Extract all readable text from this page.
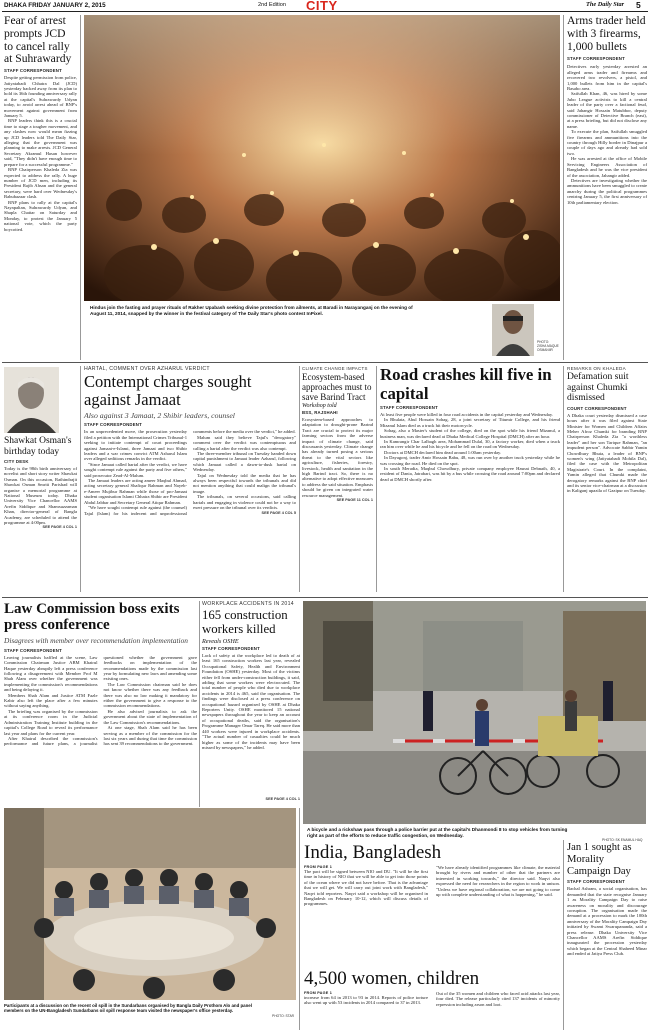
DHAKA FRIDAY JANUARY 2, 2015	2nd Edition CITY	The Daily Star 5
Fear of arrest prompts JCD to cancel rally at Suhrawardy
STAFF CORRESPONDENT
Despite getting permission from police, Jatiyatabadi Chhatra Dal (JCD) yesterday backed away from its plan to hold its 36th founding anniversary rally at the capital's Suhrawardy Udyan today, to avoid arrest ahead of BNP's movement against government from January 5.
BNP leaders think this is a crucial time to stage a tougher movement, and any clashes now would mean fizzing up JCD leaders told The Daily Star, alleging that the government was planning to make arrests. JCD General Secretary Akramul Hasan however said, "They didn't have enough time to prepare for a successful programme."
BNP Chairperson Khaleda Zia was expected to address the rally. A huge number of JCD men, including its President Rajib Ahsan and the general secretary, were hard over Wednesday's Babubazaar clash.
BNP plans to rally at the capital's Nayapaltan, Suhrawardy Udyan, and Shapla Chattar on Saturday and Monday, to protest the January 5 national vote, which the party boycotted.
Hindus join the fasting and prayer rituals of Rakher Upabash seeking divine protection from ailments, at Baradi in Narayanganj on the evening of August 11, 2014, snapped by the winner in the festival category of The Daily Star's photo contest InPixel.
PHOTO: ZISHA MAQUE OSMANIIR
Arms trader held with 3 firearms, 1,000 bullets
STAFF CORRESPONDENT
Detectives early yesterday arrested an alleged arms trader and firearms and recovered two revolvers, a pistol, and 1,000 bullets from him in the capital's Basabo area.
Saifullah Khan, 46, was hired by some Jubo League activists to kill a central leader of the party over a factional feud, said Jahangir Hossain Matubbor, deputy commissioner of Detective Branch (east), at a press briefing, but did not disclose any name.
To execute the plan, Saifullah smuggled five firearms and ammunitions into the country through Hilly border in Dinajpur a couple of days ago and already had sold two.
He was arrested at the office of Mobile Servicing Engineers Association of Bangladesh and he was the vice president of the association, Jahangir added.
Detectives are investigating whether the ammunitions have been smuggled to create anarchy during the political programmes centring January 5, the first anniversary of 10th parliamentary election.
Shawkat Osman's birthday today
CITY DESK
Today is the 98th birth anniversary of novelist and short story writer Shawkat Osman. On this occasion, Rathindrajit Shawkat Osman Smriti Parishad will organise a memorial programme at National Museum today. Dhaka University Vice Chancellor AAMS Arefin Siddique and Shamsuzzaman Khan, director-general of Bangla Academy, are scheduled to attend the programme at 4:00pm.
SEE PAGE 4 COL 1
HARTAL, COMMENT OVER AZHARUL VERDICT
Contempt charges sought against Jamaat
Also against 3 Jamaat, 2 Shibir leaders, counsel
STAFF CORRESPONDENT
In an unprecedented move, the prosecution yesterday filed a petition with the International Crimes Tribunal-1 seeking to initiate contempt of court proceedings against Jamaat-e-Islami, three Jamaat and two Shibir leaders and a war crimes convict ATM Azharul Islam over alleged seditious remarks in the verdict.
"Since Jamaat called hartal after the verdict, we have sought contempt rule against the party and five others," said prosecutor Zead-Al-Malum.
The Jamaat leaders are acting ameer Maqbul Ahmad, acting secretary general Shafiqur Rahman and Nayeb-e-Ameer Mujibur Rahman while those of pro-Jamaat student organisation Islami Chhatra Shibir are President Abdul Jabbar and Secretary General Atiqur Rahman.
"We have sought contempt rule against (the counsel) Tajul (Islam) for his indecent and unprofessional comments before the media over the verdict," he added.
Malum said they believe Tajul's "derogatory" comment over the verdict was contemptuous and calling a hartal after the verdict was also contempt.
The three-member tribunal on Tuesday handed down capital punishment to Jamaat leader Azharul, following which Jamaat called a dawn-to-dusk hartal on Wednesday.
Tajul on Wednesday told the media that he has always been respectful towards the tribunals and did not mention anything that could malign the tribunal's image.
The tribunals, on several occasions, said calling hartals and engaging in violence could not be a way to exert pressure on the tribunal over its verdicts.
SEE PAGE 4 COL 5
CLIMATE CHANGE IMPACTS
Ecosystem-based approaches must to save Barind Tract
Workshop told
BSS, RAJSHAHI
Ecosystem-based approaches to adaptation to drought-prone Barind Tract are crucial to protect its major farming sectors from the adverse impact of climate change, said discussants yesterday. Climate change has already turned posing a serious threat to the vital sectors like agriculture, fisheries, forestry, livestock, health and sanitation in the high Barind tract. So, there is no alternative to adopt effective measures to address the said situation. Emphasis should be given on integrated water resource management.
SEE PAGE 11 COL 1
Road crashes kill five in capital
STAFF CORRESPONDENT
At least five people were killed in four road accidents in the capital yesterday and Wednesday.
In Bhulata, Abul Hossain Sohag, 28, a joint secretary of Titumir College, and his friend Mizanul Islam died as a truck hit their motorcycle.
Sohag, also a Master's student of the college, died on the spot while his friend Mizanul, a business man, was declared dead at Dhaka Medical College Hospital (DMCH) after an hour.
In Kamrangir Char Lalbagh area, Mohammad Dulal, 30, a factory worker, died when a truck ran him over while he and his bicycle and he fell on the road on Wednesday.
Doctors at DMCH declared him dead around 1:00am yesterday.
In Dayagonj, trader Amir Hossain Babu, 48, was run over by another truck yesterday while he was crossing the road. He died on the spot.
In south Meradia, Maqbul Chowdhury, private company employee Hasnat Debnath, 40, a resident of Dania, Jatrabari, was hit by a bus while crossing the road around 7:00pm and declared dead at DMCH shortly after.
REMARKS ON KHALEDA
Defamation suit against Chumki dismissed
COURT CORRESPONDENT
A Dhaka court yesterday dismissed a case hours after it was filed against State Minister for Women and Children Affairs Meher Afroz Chumki for branding BNP Chairperson Khaleda Zia "a worthless leader" and her son Tarique Rahman, "an impudent person". Advocate Sabbir Yamin Chowdhury Bhuia, a leader of BNP's women's wing (Jatiyatabadi Mohila Dal), filed the case with the Metropolitan Magistrate's Court. In the complaint, Yamin alleged that Chumki made the derogatory remarks against the BNP chief and its senior vice-chairman at a discussion in Kaliganj upazila of Gazipur on Tuesday.
Law Commission boss exits press conference
Disagrees with member over recommendation implementation
STAFF CORRESPONDENT
Leaving journalists baffled at the scene, Law Commission Chairman Justice ABM Khairul Haque yesterday abruptly left a press conference following a disagreement with Member Prof M Shah Alam over whether the government was implementing the commission's recommendations and being delaying it.
Members Shah Alam and Justice ATM Fazle Kabir also left the place after a few minutes without saying anything.
The briefing was organised by the commission at its conference room in the Judicial Administration Training Institute building in the capital's College Road to reveal its performance last year and plans for the current year.
After Khairul described the commission's performance and future plans, a journalist questioned whether the government gave feedbacks on implementation of the recommendations made by the commission last year by formulating new laws and amending some existing ones.
The Law Commission chairman said he does not know whether there was any feedback and there was also no law making it mandatory for either the government to give a response to the commission recommendations.
He also advised journalists to ask the government about the state of implementation of the Law Commission's recommendations.
At one stage, Shah Alam said he has been serving as a member of the commission for the last six years and during that time the commission has sent 39 recommendations to the government.
WORKPLACE ACCIDENTS IN 2014
165 construction workers killed
Reveals OSHE
STAFF CORRESPONDENT
Lack of safety at the workplace led to death of at least 165 construction workers last year, revealed Occupational Safety, Health and Environment Foundation (OSHE) yesterday. Most of the victims either fell from under-construction buildings, it said, adding that some workers were electrocuted. The total number of people who died due to workplace accidents in 2014 is 465, said the organisation. The findings were disclosed at a press conference on occupational hazard organised by OSHE at Dhaka Reporters Unity. OSHE monitored 15 national newspapers throughout the year to keep an account of occupational deaths, said the organisation's Programme Manager Omar Tareq. He said more than 440 workers were injured in workplace accidents. "The actual number of casualties could be much higher as some of the incidents may have been missed by newspapers," he added.
SEE PAGE 4 COL 1
A bicycle and a rickshaw pass through a police barrier put at the capital's Dhanmondi 8 to stop vehicles from turning right as part of the efforts to reduce traffic congestion, on Wednesday.
PHOTO: SK ENAMUL HAQ
Participants at a discussion on the recent oil spill in the Sundarbans organised by Bangla Daily Prothom Alo and panel members on the UN-Bangladesh Sundarbans oil spill response team visited the newspaper's office yesterday.
PHOTO: STAR
India, Bangladesh
FROM PAGE 1
The pact will be signed between NIO and DU. "It will be the first time in history of NIO that we will be able to get into those points of the ocean where we did not have before. That is the advantage that we will get. We will carry out joint work with Bangladesh," Naqvi told reporters. Naqvi said a workshop will be organised in Bangladesh on February 10-12, which will discuss details of programmes.
"We have already identified programmes like climate, the material brought by rivers and number of other that the partners are interested in working towards," the director said. Naqvi also expressed the need for researchers in the region to work in unison. "Unless we have regional collaboration, we are not going to come up with complete understanding of what is happening," he said.
4,500 women, children
FROM PAGE 1
increase from 64 in 2013 to 93 in 2014. Reports of police torture also went up with 53 incidents in 2014 compared to 37 in 2013.
Out of the 35 women and children who faced acid attacks last year, four died. The release particularly cited 137 incidents of minority repression including arson and loot.
Jan 1 sought as Morality Campaign Day
STAFF CORRESPONDENT
Bachal Ashram, a social organisation, has demanded that the state recognise January 1 as Morality Campaign Day to raise awareness on morality and discourage corruption. The organisation made the demand at a procession to mark the 100th anniversary of the Morality Campaign Day initiated by Swami Swarupananda, said a press release. Dhaka University Vice Chancellor AAMS Arefin Siddique inaugurated the procession yesterday which began at the Central Shaheed Minar and ended at Jatiya Press Club.
